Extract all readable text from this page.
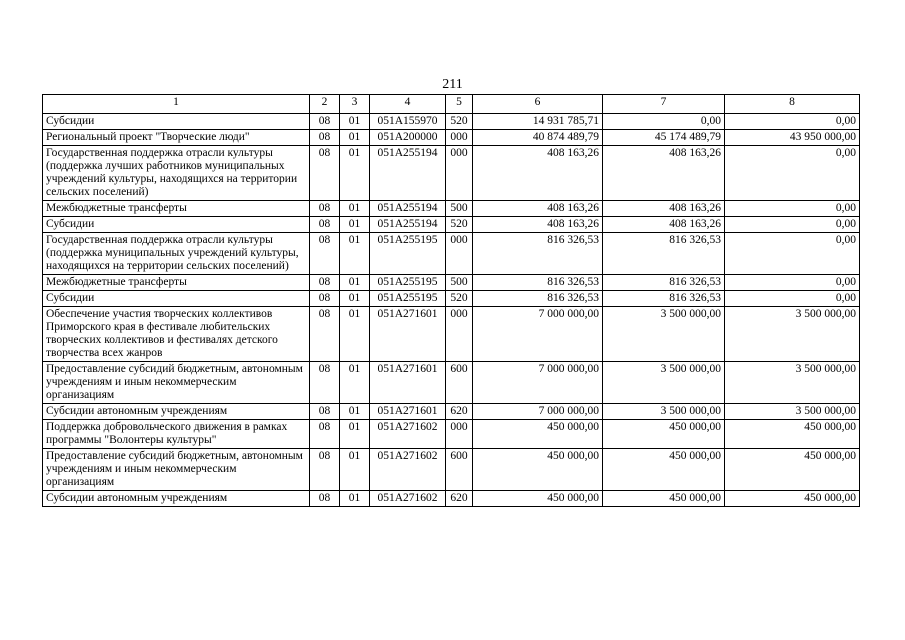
211
1	2	3	4	5	6	7	8
Субсидии	08	01	051A155970	520	14 931 785,71	0,00	0,00
Региональный проект "Творческие люди"	08	01	051A200000	000	40 874 489,79	45 174 489,79	43 950 000,00
Государственная поддержка отрасли культуры (поддержка лучших работников муниципальных учреждений культуры, находящихся на территории сельских поселений)	08	01	051A255194	000	408 163,26	408 163,26	0,00
Межбюджетные трансферты	08	01	051A255194	500	408 163,26	408 163,26	0,00
Субсидии	08	01	051A255194	520	408 163,26	408 163,26	0,00
Государственная поддержка отрасли культуры (поддержка муниципальных учреждений культуры, находящихся на территории сельских поселений)	08	01	051A255195	000	816 326,53	816 326,53	0,00
Межбюджетные трансферты	08	01	051A255195	500	816 326,53	816 326,53	0,00
Субсидии	08	01	051A255195	520	816 326,53	816 326,53	0,00
Обеспечение участия творческих коллективов Приморского края в фестивале любительских творческих коллективов и фестивалях детского творчества всех жанров	08	01	051A271601	000	7 000 000,00	3 500 000,00	3 500 000,00
Предоставление субсидий бюджетным, автономным учреждениям и иным некоммерческим организациям	08	01	051A271601	600	7 000 000,00	3 500 000,00	3 500 000,00
Субсидии автономным учреждениям	08	01	051A271601	620	7 000 000,00	3 500 000,00	3 500 000,00
Поддержка добровольческого движения в рамках программы "Волонтеры культуры"	08	01	051A271602	000	450 000,00	450 000,00	450 000,00
Предоставление субсидий бюджетным, автономным учреждениям и иным некоммерческим организациям	08	01	051A271602	600	450 000,00	450 000,00	450 000,00
Субсидии автономным учреждениям	08	01	051A271602	620	450 000,00	450 000,00	450 000,00
